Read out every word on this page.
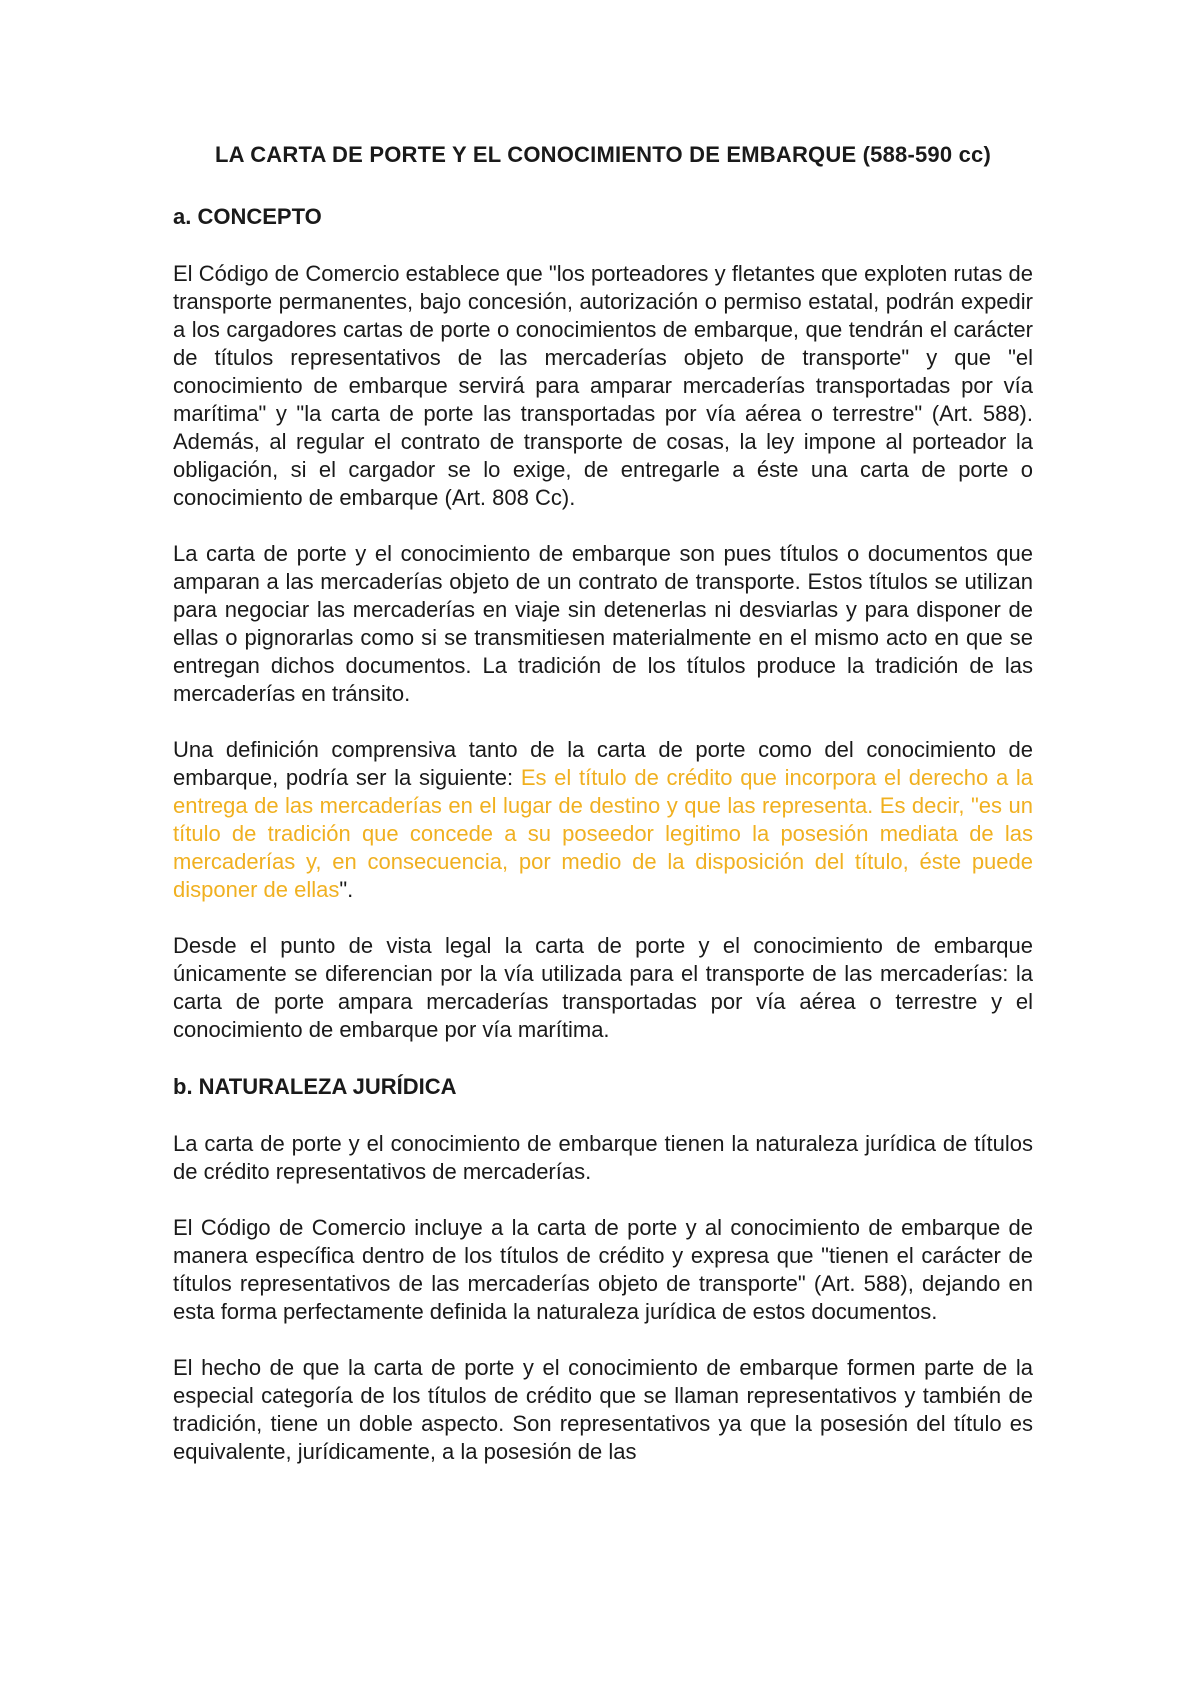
LA CARTA DE PORTE Y EL CONOCIMIENTO DE EMBARQUE (588-590 cc)
a. CONCEPTO

El Código de Comercio establece que "los porteadores y fletantes que exploten rutas de transporte permanentes, bajo concesión, autorización o permiso estatal, podrán expedir a los cargadores cartas de porte o conocimientos de embarque, que tendrán el carácter de títulos representativos de las mercaderías objeto de transporte" y que "el conocimiento de embarque servirá para amparar mercaderías transportadas por vía marítima" y "la carta de porte las transportadas por vía aérea o terrestre" (Art. 588). Además, al regular el contrato de transporte de cosas, la ley impone al porteador la obligación, si el cargador se lo exige, de entregarle a éste una carta de porte o conocimiento de embarque (Art. 808 Cc).

La carta de porte y el conocimiento de embarque son pues títulos o documentos que amparan a las mercaderías objeto de un contrato de transporte. Estos títulos se utilizan para negociar las mercaderías en viaje sin detenerlas ni desviarlas y para disponer de ellas o pignorarlas como si se transmitiesen materialmente en el mismo acto en que se entregan dichos documentos. La tradición de los títulos produce la tradición de las mercaderías en tránsito.

Una definición comprensiva tanto de la carta de porte como del conocimiento de embarque, podría ser la siguiente: Es el título de crédito que incorpora el derecho a la entrega de las mercaderías en el lugar de destino y que las representa. Es decir, "es un título de tradición que concede a su poseedor legitimo la posesión mediata de las mercaderías y, en consecuencia, por medio de la disposición del título, éste puede disponer de ellas".

Desde el punto de vista legal la carta de porte y el conocimiento de embarque únicamente se diferencian por la vía utilizada para el transporte de las mercaderías: la carta de porte ampara mercaderías transportadas por vía aérea o terrestre y el conocimiento de embarque por vía marítima.

b. NATURALEZA JURÍDICA

La carta de porte y el conocimiento de embarque tienen la naturaleza jurídica de títulos de crédito representativos de mercaderías.

El Código de Comercio incluye a la carta de porte y al conocimiento de embarque de manera específica dentro de los títulos de crédito y expresa que "tienen el carácter de títulos representativos de las mercaderías objeto de transporte" (Art. 588), dejando en esta forma perfectamente definida la naturaleza jurídica de estos documentos.

El hecho de que la carta de porte y el conocimiento de embarque formen parte de la especial categoría de los títulos de crédito que se llaman representativos y también de tradición, tiene un doble aspecto. Son representativos ya que la posesión del título es equivalente, jurídicamente, a la posesión de las
